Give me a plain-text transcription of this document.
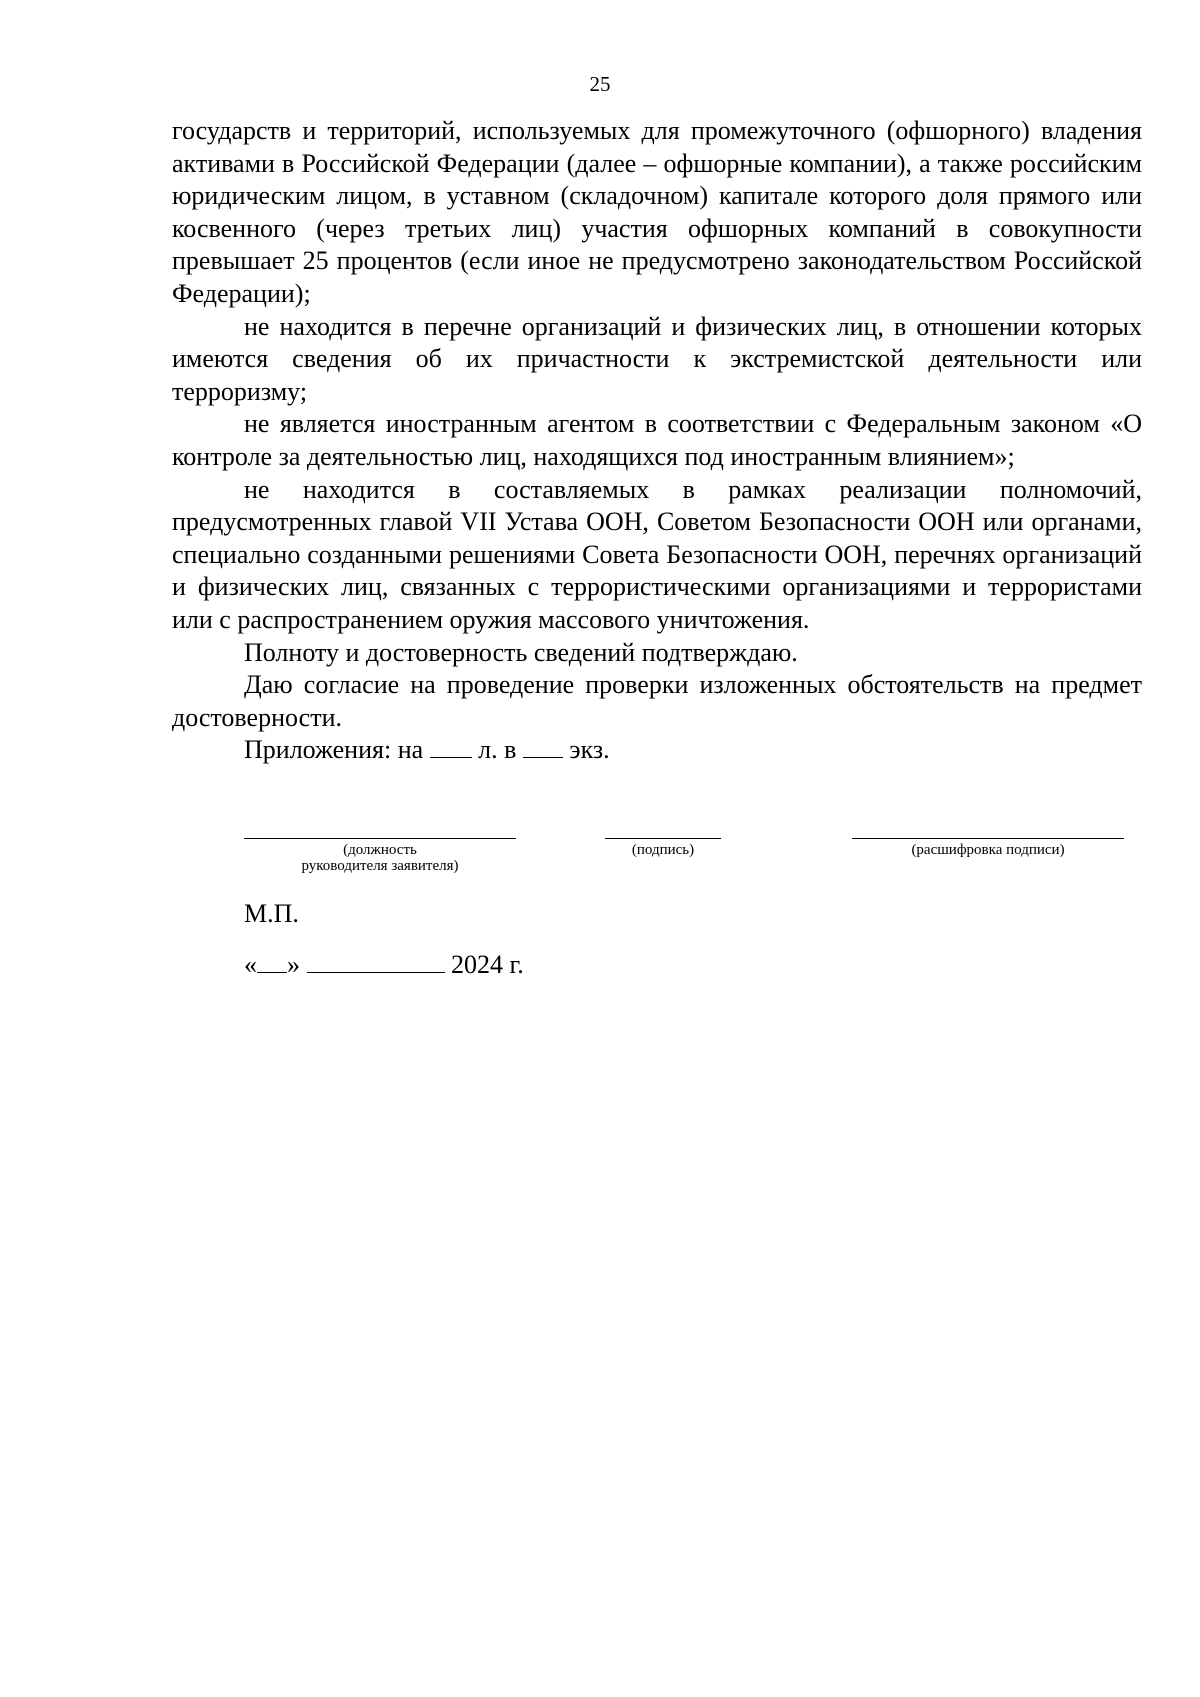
25

государств и территорий, используемых для промежуточного (офшорного) владения активами в Российской Федерации (далее – офшорные компании), а также российским юридическим лицом, в уставном (складочном) капитале которого доля прямого или косвенного (через третьих лиц) участия офшорных компаний в совокупности превышает 25 процентов (если иное не предусмотрено законодательством Российской Федерации);

не находится в перечне организаций и физических лиц, в отношении которых имеются сведения об их причастности к экстремистской деятельности или терроризму;

не является иностранным агентом в соответствии с Федеральным законом «О контроле за деятельностью лиц, находящихся под иностранным влиянием»;

не находится в составляемых в рамках реализации полномочий, предусмотренных главой VII Устава ООН, Советом Безопасности ООН или органами, специально созданными решениями Совета Безопасности ООН, перечнях организаций и физических лиц, связанных с террористическими организациями и террористами или с распространением оружия массового уничтожения.

Полноту и достоверность сведений подтверждаю.

Даю согласие на проведение проверки изложенных обстоятельств на предмет достоверности.

Приложения: на л. в экз.

(должность
руководителя заявителя)
(подпись)	(расшифровка подписи)
М.П.
« »	2024 г.
